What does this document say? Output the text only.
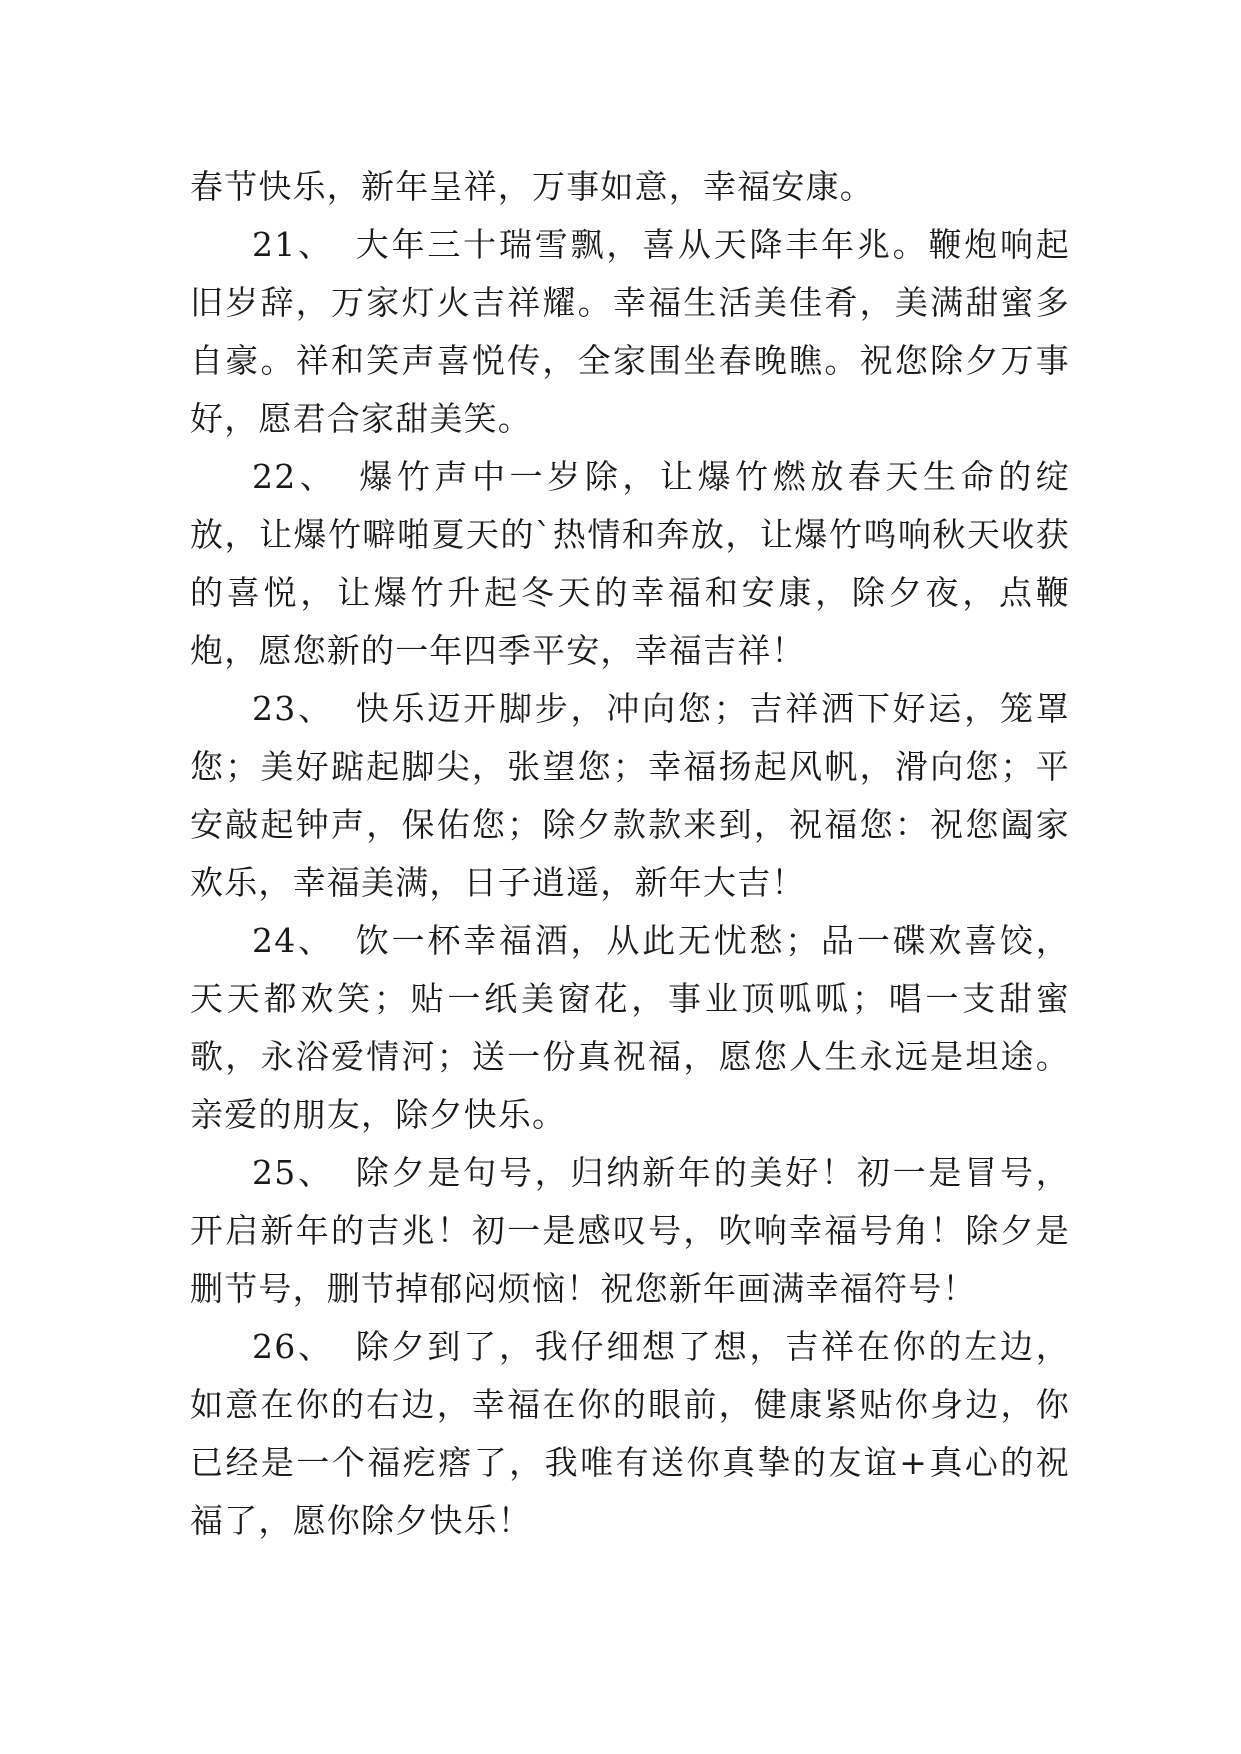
春节快乐，新年呈祥，万事如意，幸福安康。

21、 大年三十瑞雪飘，喜从天降丰年兆。鞭炮响起旧岁辞，万家灯火吉祥耀。幸福生活美佳肴，美满甜蜜多自豪。祥和笑声喜悦传，全家围坐春晚瞧。祝您除夕万事好，愿君合家甜美笑。

22、 爆竹声中一岁除，让爆竹燃放春天生命的绽放，让爆竹噼啪夏天的`热情和奔放，让爆竹鸣响秋天收获的喜悦，让爆竹升起冬天的幸福和安康，除夕夜，点鞭炮，愿您新的一年四季平安，幸福吉祥！

23、 快乐迈开脚步，冲向您；吉祥洒下好运，笼罩您；美好踮起脚尖，张望您；幸福扬起风帆，滑向您；平安敲起钟声，保佑您；除夕款款来到，祝福您：祝您阖家欢乐，幸福美满，日子逍遥，新年大吉！

24、 饮一杯幸福酒，从此无忧愁；品一碟欢喜饺，天天都欢笑；贴一纸美窗花，事业顶呱呱；唱一支甜蜜歌，永浴爱情河；送一份真祝福，愿您人生永远是坦途。亲爱的朋友，除夕快乐。

25、 除夕是句号，归纳新年的美好！初一是冒号，开启新年的吉兆！初一是感叹号，吹响幸福号角！除夕是删节号，删节掉郁闷烦恼！祝您新年画满幸福符号！

26、 除夕到了，我仔细想了想，吉祥在你的左边，如意在你的右边，幸福在你的眼前，健康紧贴你身边，你已经是一个福疙瘩了，我唯有送你真挚的友谊+真心的祝福了，愿你除夕快乐！
